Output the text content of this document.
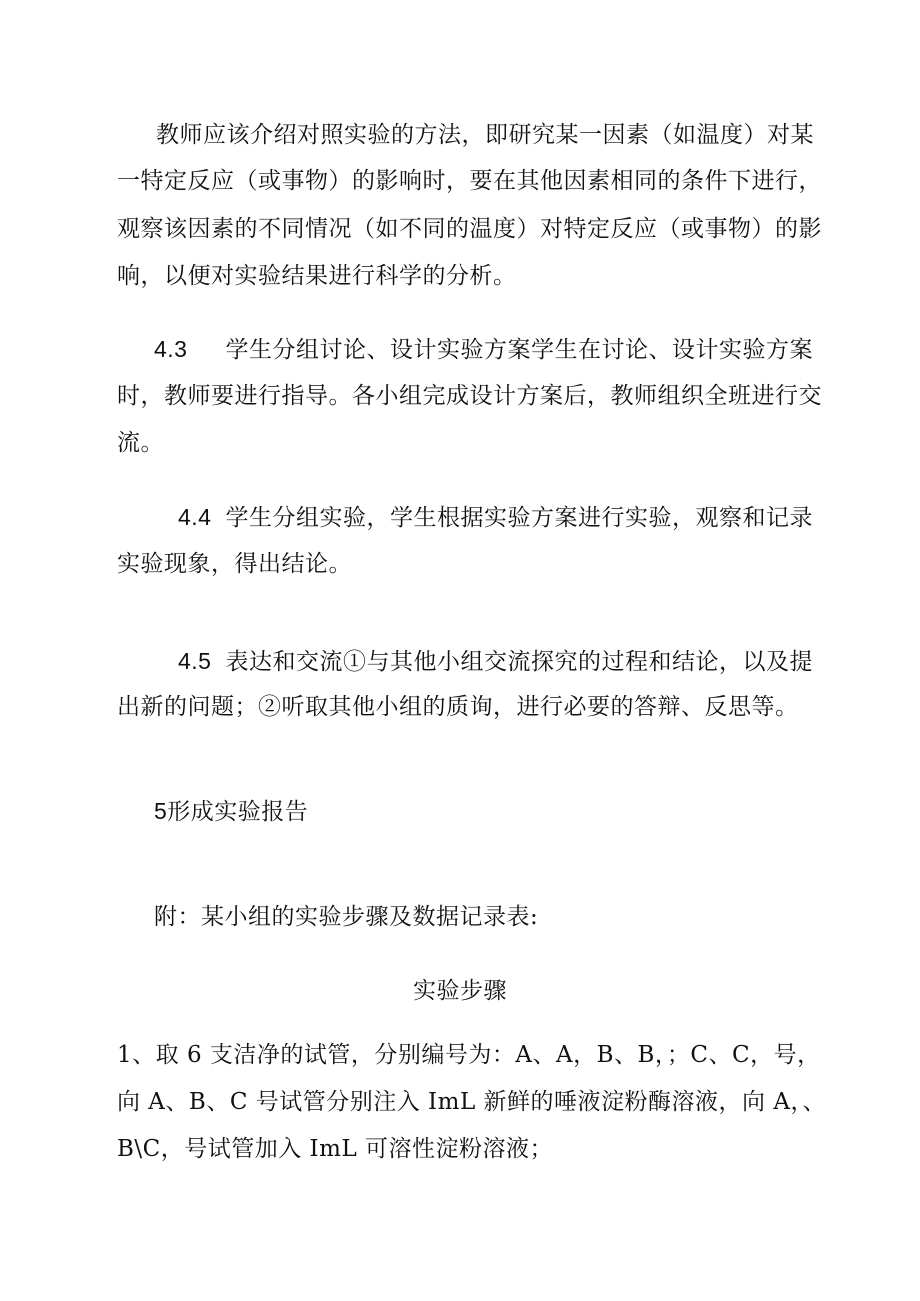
教师应该介绍对照实验的方法，即研究某一因素（如温度）对某
一特定反应（或事物）的影响时，要在其他因素相同的条件下进行，
观察该因素的不同情况（如不同的温度）对特定反应（或事物）的影
响，以便对实验结果进行科学的分析。
4.3 学生分组讨论、设计实验方案学生在讨论、设计实验方案
时，教师要进行指导。各小组完成设计方案后，教师组织全班进行交
流。
4.4 学生分组实验，学生根据实验方案进行实验，观察和记录
实验现象，得出结论。
4.5 表达和交流①与其他小组交流探究的过程和结论，以及提
出新的问题；②听取其他小组的质询，进行必要的答辩、反思等。
5形成实验报告
附：某小组的实验步骤及数据记录表:
实验步骤
1、取 6 支洁净的试管，分别编号为：A、A，B、B，；C、C，号，
向 A、B、C 号试管分别注入 ImL 新鲜的唾液淀粉酶溶液，向 A，、
B\C，号试管加入 ImL 可溶性淀粉溶液；
